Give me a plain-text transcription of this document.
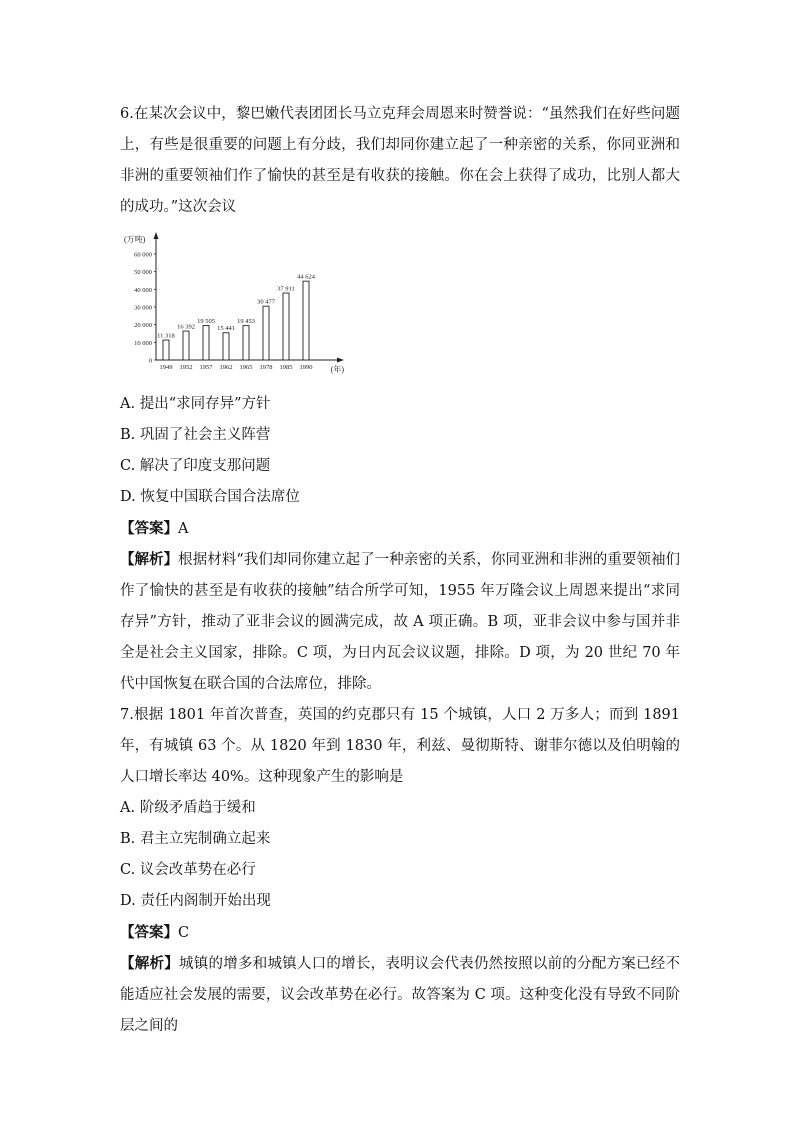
6.在某次会议中，黎巴嫩代表团团长马立克拜会周恩来时赞誉说：“虽然我们在好些问题上，有些是很重要的问题上有分歧，我们却同你建立起了一种亲密的关系，你同亚洲和非洲的重要领袖们作了愉快的甚至是有收获的接触。你在会上获得了成功，比别人都大的成功。”这次会议

(万吨)
(年)
0
10 000
20 000
30 000
40 000
50 000
60 000
11 318
1949
16 392
1952
19 505
1957
15 441
1962
19 453
1965
30 477
1978
37 911
1985
44 624
1990

A. 提出“求同存异”方针

B. 巩固了社会主义阵营

C. 解决了印度支那问题

D. 恢复中国联合国合法席位

【答案】A

【解析】根据材料“我们却同你建立起了一种亲密的关系，你同亚洲和非洲的重要领袖们作了愉快的甚至是有收获的接触”结合所学可知，1955 年万隆会议上周恩来提出“求同存异”方针，推动了亚非会议的圆满完成，故 A 项正确。B 项，亚非会议中参与国并非全是社会主义国家，排除。C 项，为日内瓦会议议题，排除。D 项，为 20 世纪 70 年代中国恢复在联合国的合法席位，排除。

7.根据 1801 年首次普查，英国的约克郡只有 15 个城镇，人口 2 万多人；而到 1891 年，有城镇 63 个。从 1820 年到 1830 年，利兹、曼彻斯特、谢菲尔德以及伯明翰的人口增长率达 40%。这种现象产生的影响是

A. 阶级矛盾趋于缓和

B. 君主立宪制确立起来

C. 议会改革势在必行

D. 责任内阁制开始出现

【答案】C

【解析】城镇的增多和城镇人口的增长，表明议会代表仍然按照以前的分配方案已经不能适应社会发展的需要，议会改革势在必行。故答案为 C 项。这种变化没有导致不同阶层之间的
